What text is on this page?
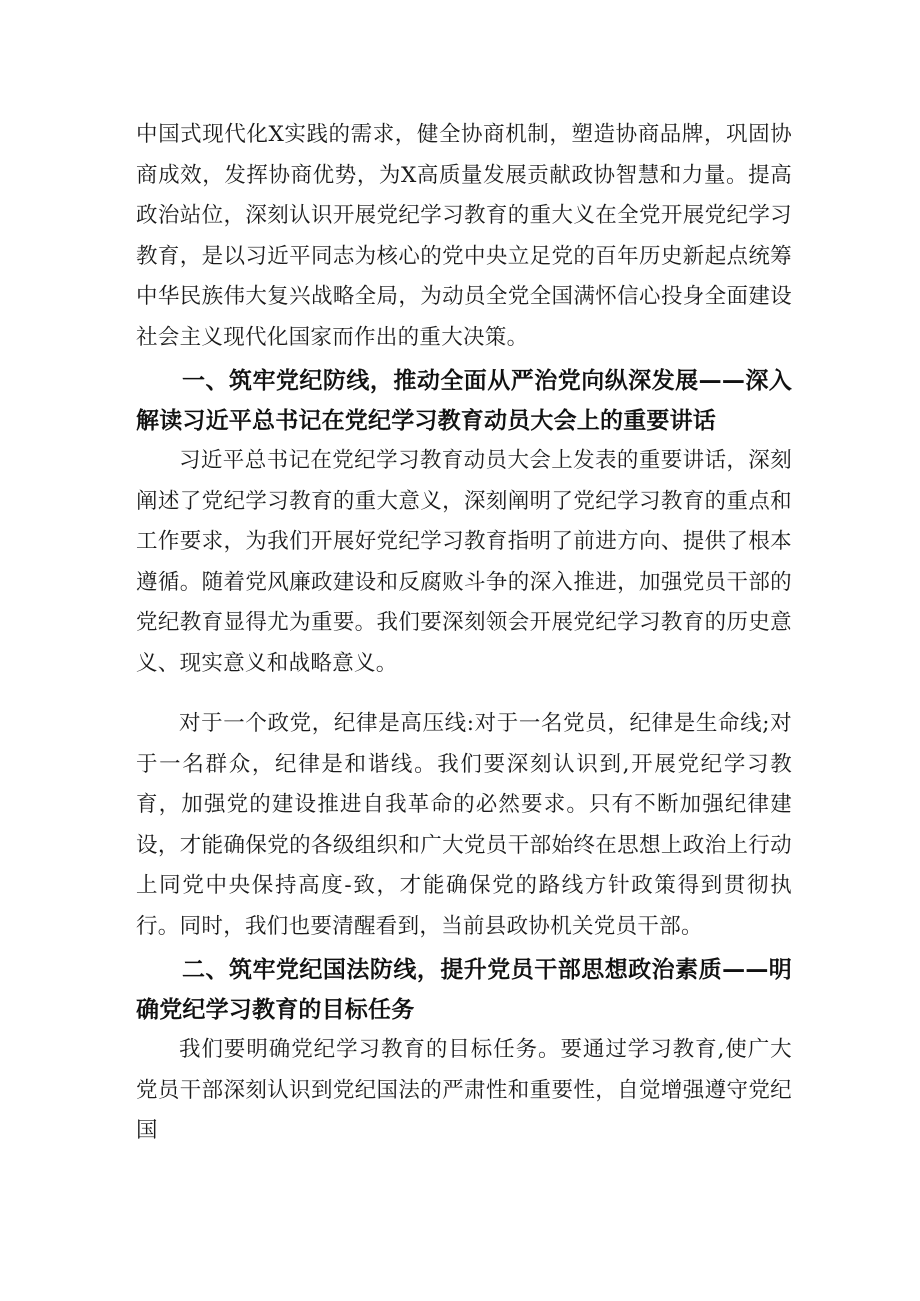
中国式现代化X实践的需求，健全协商机制，塑造协商品牌，巩固协商成效，发挥协商优势，为X高质量发展贡献政协智慧和力量。提高政治站位，深刻认识开展党纪学习教育的重大义在全党开展党纪学习教育，是以习近平同志为核心的党中央立足党的百年历史新起点统筹中华民族伟大复兴战略全局，为动员全党全国满怀信心投身全面建设社会主义现代化国家而作出的重大决策。

一、筑牢党纪防线，推动全面从严治党向纵深发展——深入解读习近平总书记在党纪学习教育动员大会上的重要讲话

习近平总书记在党纪学习教育动员大会上发表的重要讲话，深刻阐述了党纪学习教育的重大意义，深刻阐明了党纪学习教育的重点和工作要求，为我们开展好党纪学习教育指明了前进方向、提供了根本遵循。随着党风廉政建设和反腐败斗争的深入推进，加强党员干部的党纪教育显得尤为重要。我们要深刻领会开展党纪学习教育的历史意义、现实意义和战略意义。

对于一个政党，纪律是高压线:对于一名党员，纪律是生命线;对于一名群众，纪律是和谐线。我们要深刻认识到,开展党纪学习教育，加强党的建设推进自我革命的必然要求。只有不断加强纪律建设，才能确保党的各级组织和广大党员干部始终在思想上政治上行动上同党中央保持高度-致，才能确保党的路线方针政策得到贯彻执行。同时，我们也要清醒看到，当前县政协机关党员干部。

二、筑牢党纪国法防线，提升党员干部思想政治素质——明确党纪学习教育的目标任务

我们要明确党纪学习教育的目标任务。要通过学习教育,使广大党员干部深刻认识到党纪国法的严肃性和重要性，自觉增强遵守党纪国
